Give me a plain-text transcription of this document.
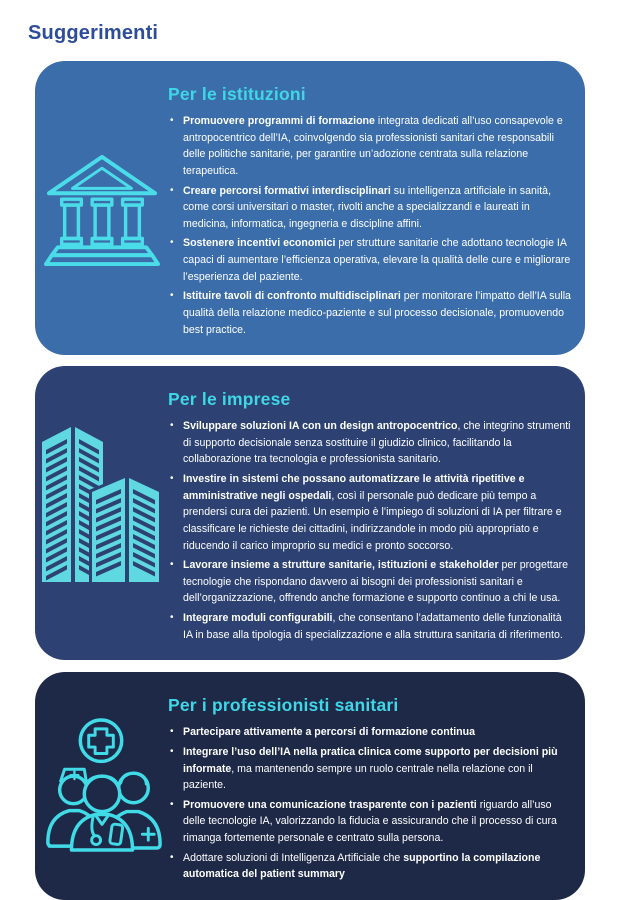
Suggerimenti
Per le istituzioni
• Promuovere programmi di formazione integrata dedicati all’uso consapevole e antropocentrico dell’IA, coinvolgendo sia professionisti sanitari che responsabili delle politiche sanitarie, per garantire un’adozione centrata sulla relazione terapeutica.
• Creare percorsi formativi interdisciplinari su intelligenza artificiale in sanità, come corsi universitari o master, rivolti anche a specializzandi e laureati in medicina, informatica, ingegneria e discipline affini.
• Sostenere incentivi economici per strutture sanitarie che adottano tecnologie IA capaci di aumentare l’efficienza operativa, elevare la qualità delle cure e migliorare l’esperienza del paziente.
• Istituire tavoli di confronto multidisciplinari per monitorare l’impatto dell’IA sulla qualità della relazione medico-paziente e sul processo decisionale, promuovendo best practice.
Per le imprese
• Sviluppare soluzioni IA con un design antropocentrico, che integrino strumenti di supporto decisionale senza sostituire il giudizio clinico, facilitando la collaborazione tra tecnologia e professionista sanitario.
• Investire in sistemi che possano automatizzare le attività ripetitive e amministrative negli ospedali, così il personale può dedicare più tempo a prendersi cura dei pazienti. Un esempio è l’impiego di soluzioni di IA per filtrare e classificare le richieste dei cittadini, indirizzandole in modo più appropriato e riducendo il carico improprio su medici e pronto soccorso.
• Lavorare insieme a strutture sanitarie, istituzioni e stakeholder per progettare tecnologie che rispondano davvero ai bisogni dei professionisti sanitari e dell’organizzazione, offrendo anche formazione e supporto continuo a chi le usa.
• Integrare moduli configurabili, che consentano l’adattamento delle funzionalità IA in base alla tipologia di specializzazione e alla struttura sanitaria di riferimento.
Per i professionisti sanitari
• Partecipare attivamente a percorsi di formazione continua
• Integrare l’uso dell’IA nella pratica clinica come supporto per decisioni più informate, ma mantenendo sempre un ruolo centrale nella relazione con il paziente.
• Promuovere una comunicazione trasparente con i pazienti riguardo all’uso delle tecnologie IA, valorizzando la fiducia e assicurando che il processo di cura rimanga fortemente personale e centrato sulla persona.
• Adottare soluzioni di Intelligenza Artificiale che supportino la compilazione automatica del patient summary
